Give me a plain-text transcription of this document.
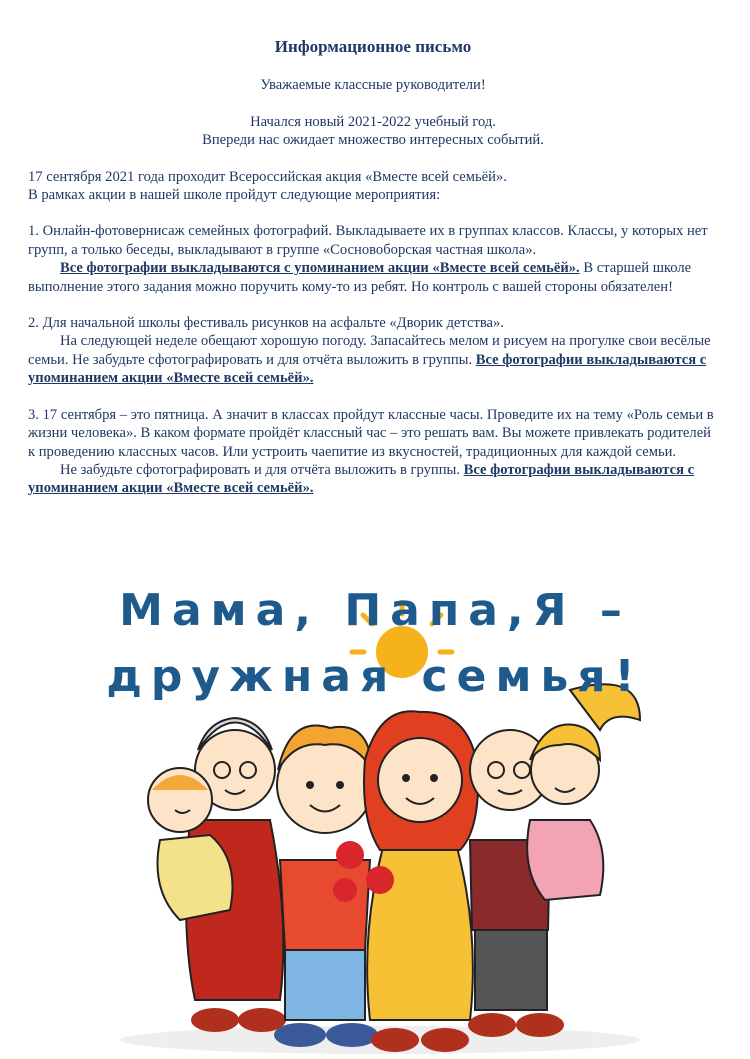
Информационное письмо
Уважаемые классные руководители!
Начался новый 2021-2022 учебный год.
Впереди нас ожидает множество интересных событий.
17 сентября 2021 года проходит Всероссийская акция «Вместе всей семьёй».
В рамках акции в нашей школе пройдут следующие мероприятия:
1. Онлайн-фотовернисаж семейных фотографий. Выкладываете их в группах классов. Классы, у которых нет групп, а только беседы, выкладывают в группе «Сосновоборская частная школа».
Все фотографии выкладываются с упоминанием акции «Вместе всей семьёй». В старшей школе выполнение этого задания можно поручить кому-то из ребят. Но контроль с вашей стороны обязателен!
2. Для начальной школы фестиваль рисунков на асфальте «Дворик детства».
На следующей неделе обещают хорошую погоду. Запасайтесь мелом и рисуем на прогулке свои весёлые семьи. Не забудьте сфотографировать и для отчёта выложить в группы. Все фотографии выкладываются с упоминанием акции «Вместе всей семьёй».
3. 17 сентября – это пятница. А значит в классах пройдут классные часы. Проведите их на тему «Роль семьи в жизни человека». В каком формате пройдёт классный час – это решать вам. Вы можете привлекать родителей к проведению классных часов. Или устроить чаепитие из вкусностей, традиционных для каждой семьи.
Не забудьте сфотографировать и для отчёта выложить в группы. Все фотографии выкладываются с упоминанием акции «Вместе всей семьёй».
Мама, Папа,Я –
дружная семья!
